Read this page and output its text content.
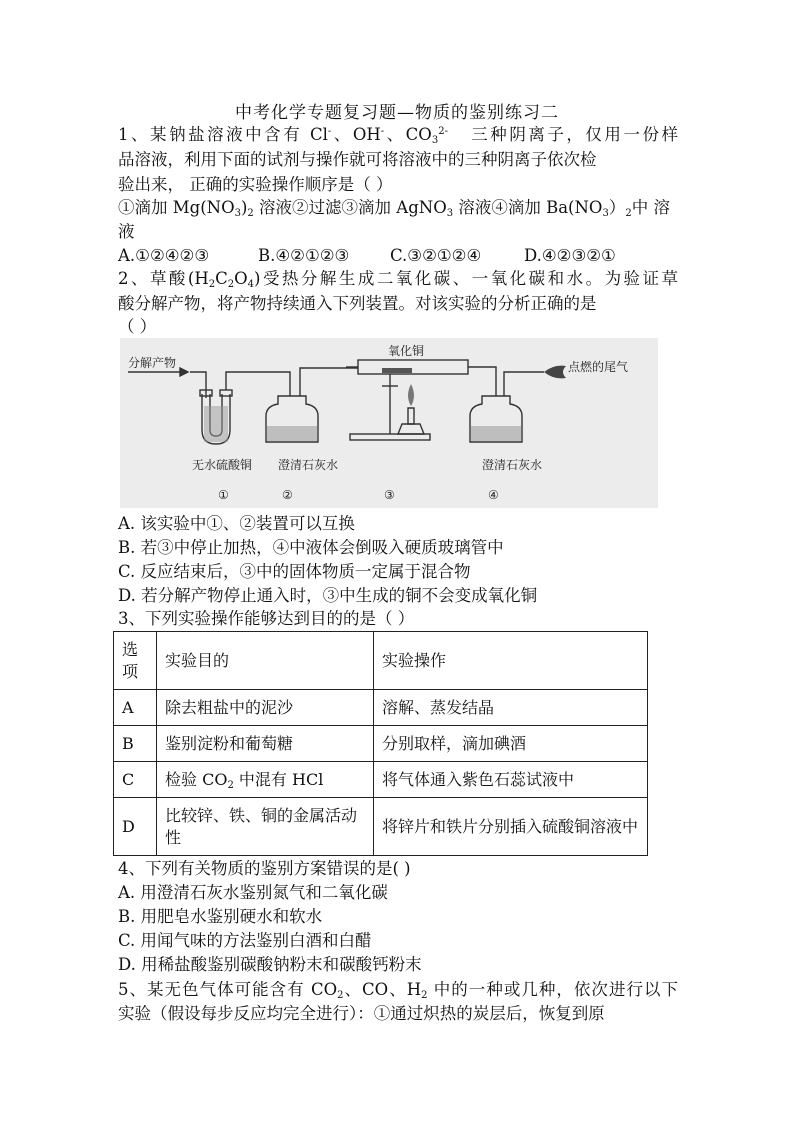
中考化学专题复习题—物质的鉴别练习二
1、某钠盐溶液中含有 Cl-、OH-、$CO_3^{2-}$ 三种阴离子，仅用一份样
品溶液，利用下面的试剂与操作就可将溶液中的三种阴离子依次检
验出来， 正确的实验操作顺序是（ ）
①滴加 $Mg(NO_3)_2$ 溶液②过滤③滴加 AgNO$_3$ 溶液④滴加 $Ba(NO_3)_2$中 溶
液
A.①②④②③	B.④②①②③ C.③②①②④	D.④②③②①
2、草酸$(H_2C_2O_4)$受热分解生成二氧化碳、一氧化碳和水。为验证草
酸分解产物，将产物持续通入下列装置。对该实验的分析正确的是
（ ）
分解产物
氧化铜
点燃的尾气
无水硫酸铜 澄清石灰水	澄清石灰水
①	②	③	④
A. 该实验中①、②装置可以互换
B. 若③中停止加热，④中液体会倒吸入硬质玻璃管中
C. 反应结束后，③中的固体物质一定属于混合物
D. 若分解产物停止通入时，③中生成的铜不会变成氧化铜
3、下列实验操作能够达到目的的是（ ）
选项	实验目的	实验操作
A	除去粗盐中的泥沙	溶解、蒸发结晶
B	鉴别淀粉和葡萄糖	分别取样，滴加碘酒
C	检验 $CO_2$ 中混有 HCl	将气体通入紫色石蕊试液中
D	比较锌、铁、铜的金属活动性	将锌片和铁片分别插入硫酸铜溶液中
4、下列有关物质的鉴别方案错误的是( )
A. 用澄清石灰水鉴别氮气和二氧化碳
B. 用肥皂水鉴别硬水和软水
C. 用闻气味的方法鉴别白酒和白醋
D. 用稀盐酸鉴别碳酸钠粉末和碳酸钙粉末
5、某无色气体可能含有 $CO_2$、CO、$H_2$ 中的一种或几种，依次进行以下
实验（假设每步反应均完全进行）：①通过炽热的炭层后，恢复到原
